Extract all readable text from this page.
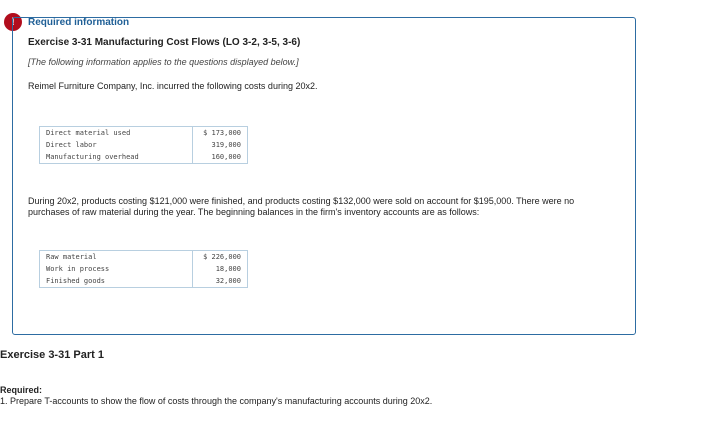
!	Required information
Exercise 3-31 Manufacturing Cost Flows (LO 3-2, 3-5, 3-6)
[The following information applies to the questions displayed below.]
Reimel Furniture Company, Inc. incurred the following costs during 20x2.
Direct material used	$ 173,000
Direct labor	319,000
Manufacturing overhead	160,000
During 20x2, products costing $121,000 were finished, and products costing $132,000 were sold on account for $195,000. There were no purchases of raw material during the year. The beginning balances in the firm's inventory accounts are as follows:
Raw material	$ 226,000
Work in process	18,000
Finished goods	32,000
Exercise 3-31 Part 1
Required:
1. Prepare T-accounts to show the flow of costs through the company's manufacturing accounts during 20x2.
